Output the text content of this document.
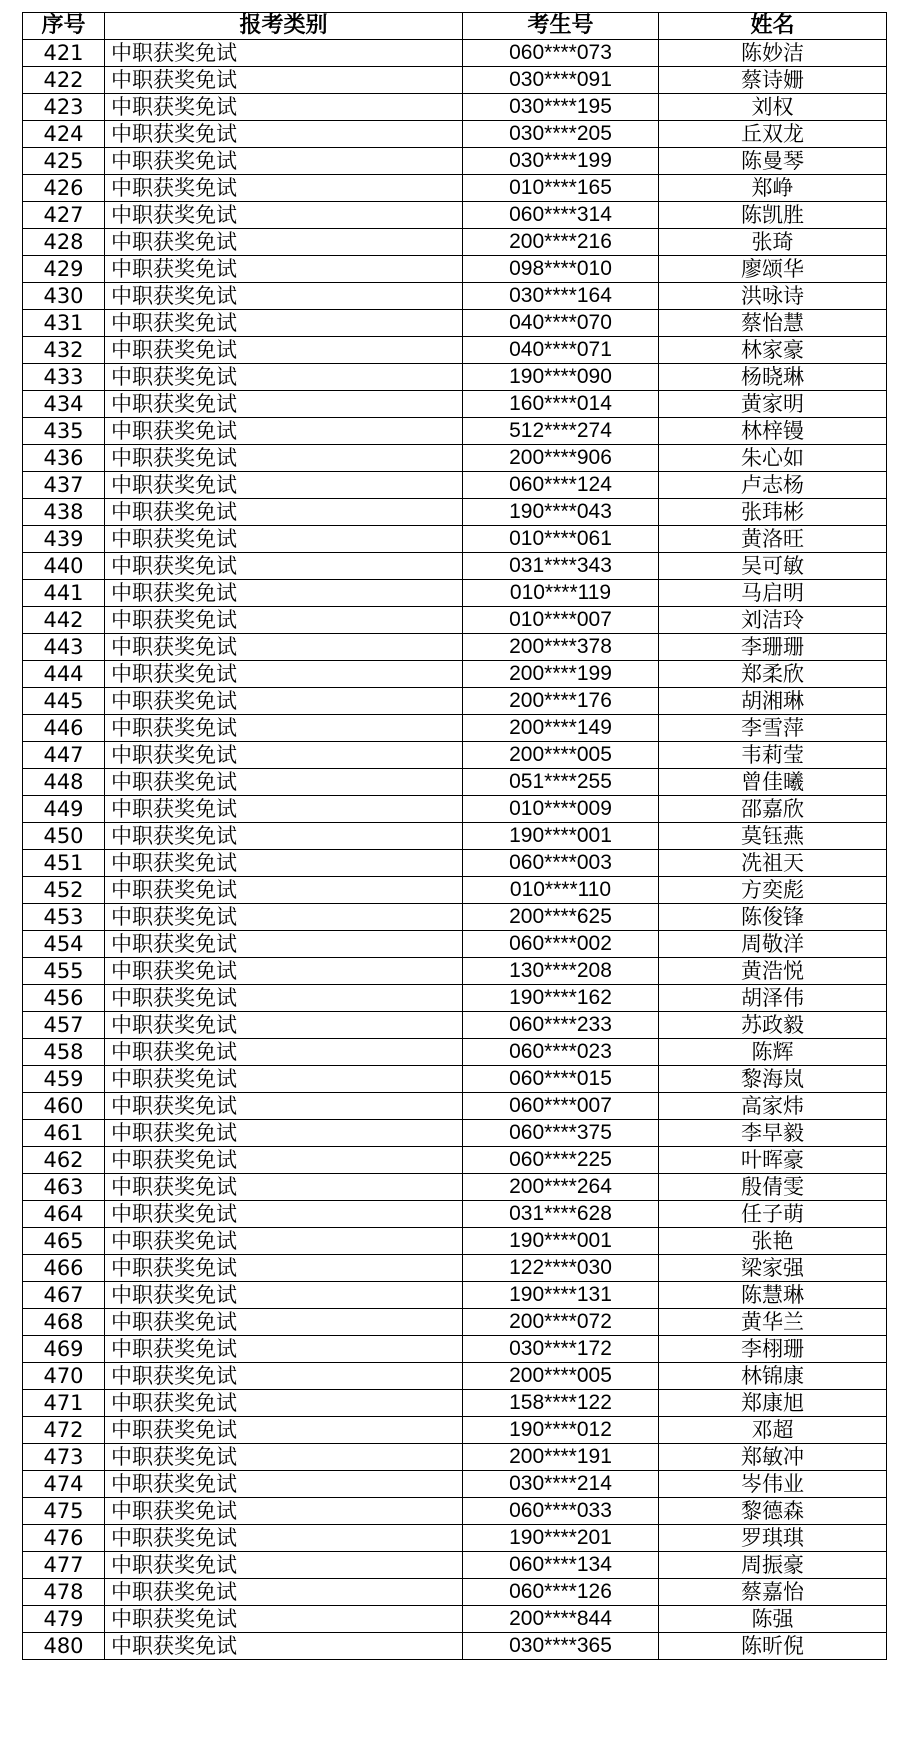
序号	报考类别	考生号	姓名
421	中职获奖免试	060****073	陈妙洁
422	中职获奖免试	030****091	蔡诗姗
423	中职获奖免试	030****195	刘权
424	中职获奖免试	030****205	丘双龙
425	中职获奖免试	030****199	陈曼琴
426	中职获奖免试	010****165	郑峥
427	中职获奖免试	060****314	陈凯胜
428	中职获奖免试	200****216	张琦
429	中职获奖免试	098****010	廖颂华
430	中职获奖免试	030****164	洪咏诗
431	中职获奖免试	040****070	蔡怡慧
432	中职获奖免试	040****071	林家豪
433	中职获奖免试	190****090	杨晓琳
434	中职获奖免试	160****014	黄家明
435	中职获奖免试	512****274	林梓镘
436	中职获奖免试	200****906	朱心如
437	中职获奖免试	060****124	卢志杨
438	中职获奖免试	190****043	张玮彬
439	中职获奖免试	010****061	黄洛旺
440	中职获奖免试	031****343	吴可敏
441	中职获奖免试	010****119	马启明
442	中职获奖免试	010****007	刘洁玲
443	中职获奖免试	200****378	李珊珊
444	中职获奖免试	200****199	郑柔欣
445	中职获奖免试	200****176	胡湘琳
446	中职获奖免试	200****149	李雪萍
447	中职获奖免试	200****005	韦莉莹
448	中职获奖免试	051****255	曾佳曦
449	中职获奖免试	010****009	邵嘉欣
450	中职获奖免试	190****001	莫钰燕
451	中职获奖免试	060****003	冼祖天
452	中职获奖免试	010****110	方奕彪
453	中职获奖免试	200****625	陈俊锋
454	中职获奖免试	060****002	周敬洋
455	中职获奖免试	130****208	黄浩悦
456	中职获奖免试	190****162	胡泽伟
457	中职获奖免试	060****233	苏政毅
458	中职获奖免试	060****023	陈辉
459	中职获奖免试	060****015	黎海岚
460	中职获奖免试	060****007	高家炜
461	中职获奖免试	060****375	李早毅
462	中职获奖免试	060****225	叶晖豪
463	中职获奖免试	200****264	殷倩雯
464	中职获奖免试	031****628	任子萌
465	中职获奖免试	190****001	张艳
466	中职获奖免试	122****030	梁家强
467	中职获奖免试	190****131	陈慧琳
468	中职获奖免试	200****072	黄华兰
469	中职获奖免试	030****172	李栩珊
470	中职获奖免试	200****005	林锦康
471	中职获奖免试	158****122	郑康旭
472	中职获奖免试	190****012	邓超
473	中职获奖免试	200****191	郑敏冲
474	中职获奖免试	030****214	岑伟业
475	中职获奖免试	060****033	黎德森
476	中职获奖免试	190****201	罗琪琪
477	中职获奖免试	060****134	周振豪
478	中职获奖免试	060****126	蔡嘉怡
479	中职获奖免试	200****844	陈强
480	中职获奖免试	030****365	陈昕倪
